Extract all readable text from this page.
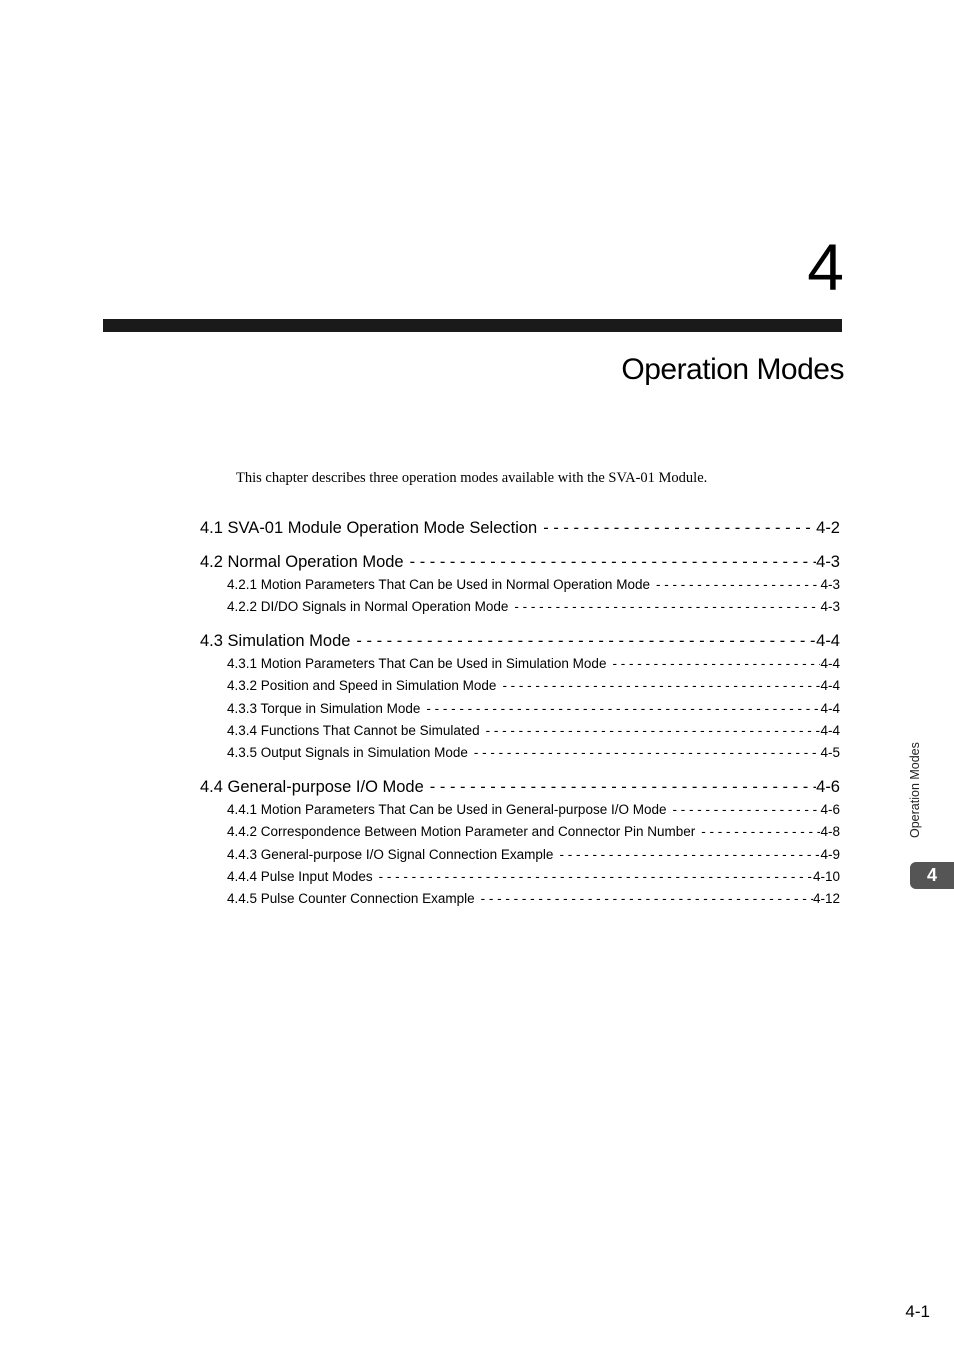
4
Operation Modes
This chapter describes three operation modes available with the SVA-01 Module.
4.1 SVA-01 Module Operation Mode Selection - - -	4-2
4.2 Normal Operation Mode - - -	4-3
4.2.1 Motion Parameters That Can be Used in Normal Operation Mode - - -	4-3
4.2.2 DI/DO Signals in Normal Operation Mode - - -	4-3
4.3 Simulation Mode - - -	4-4
4.3.1 Motion Parameters That Can be Used in Simulation Mode - - -	4-4
4.3.2 Position and Speed in Simulation Mode - - -	4-4
4.3.3 Torque in Simulation Mode - - -	4-4
4.3.4 Functions That Cannot be Simulated - - -	4-4
4.3.5 Output Signals in Simulation Mode - - -	4-5
4.4 General-purpose I/O Mode - - -	4-6
4.4.1 Motion Parameters That Can be Used in General-purpose I/O Mode - - -	4-6
4.4.2 Correspondence Between Motion Parameter and Connector Pin Number - - -	4-8
4.4.3 General-purpose I/O Signal Connection Example - - -	4-9
4.4.4 Pulse Input Modes - - -	4-10
4.4.5 Pulse Counter Connection Example - - -	4-12
Operation Modes
4
4-1
